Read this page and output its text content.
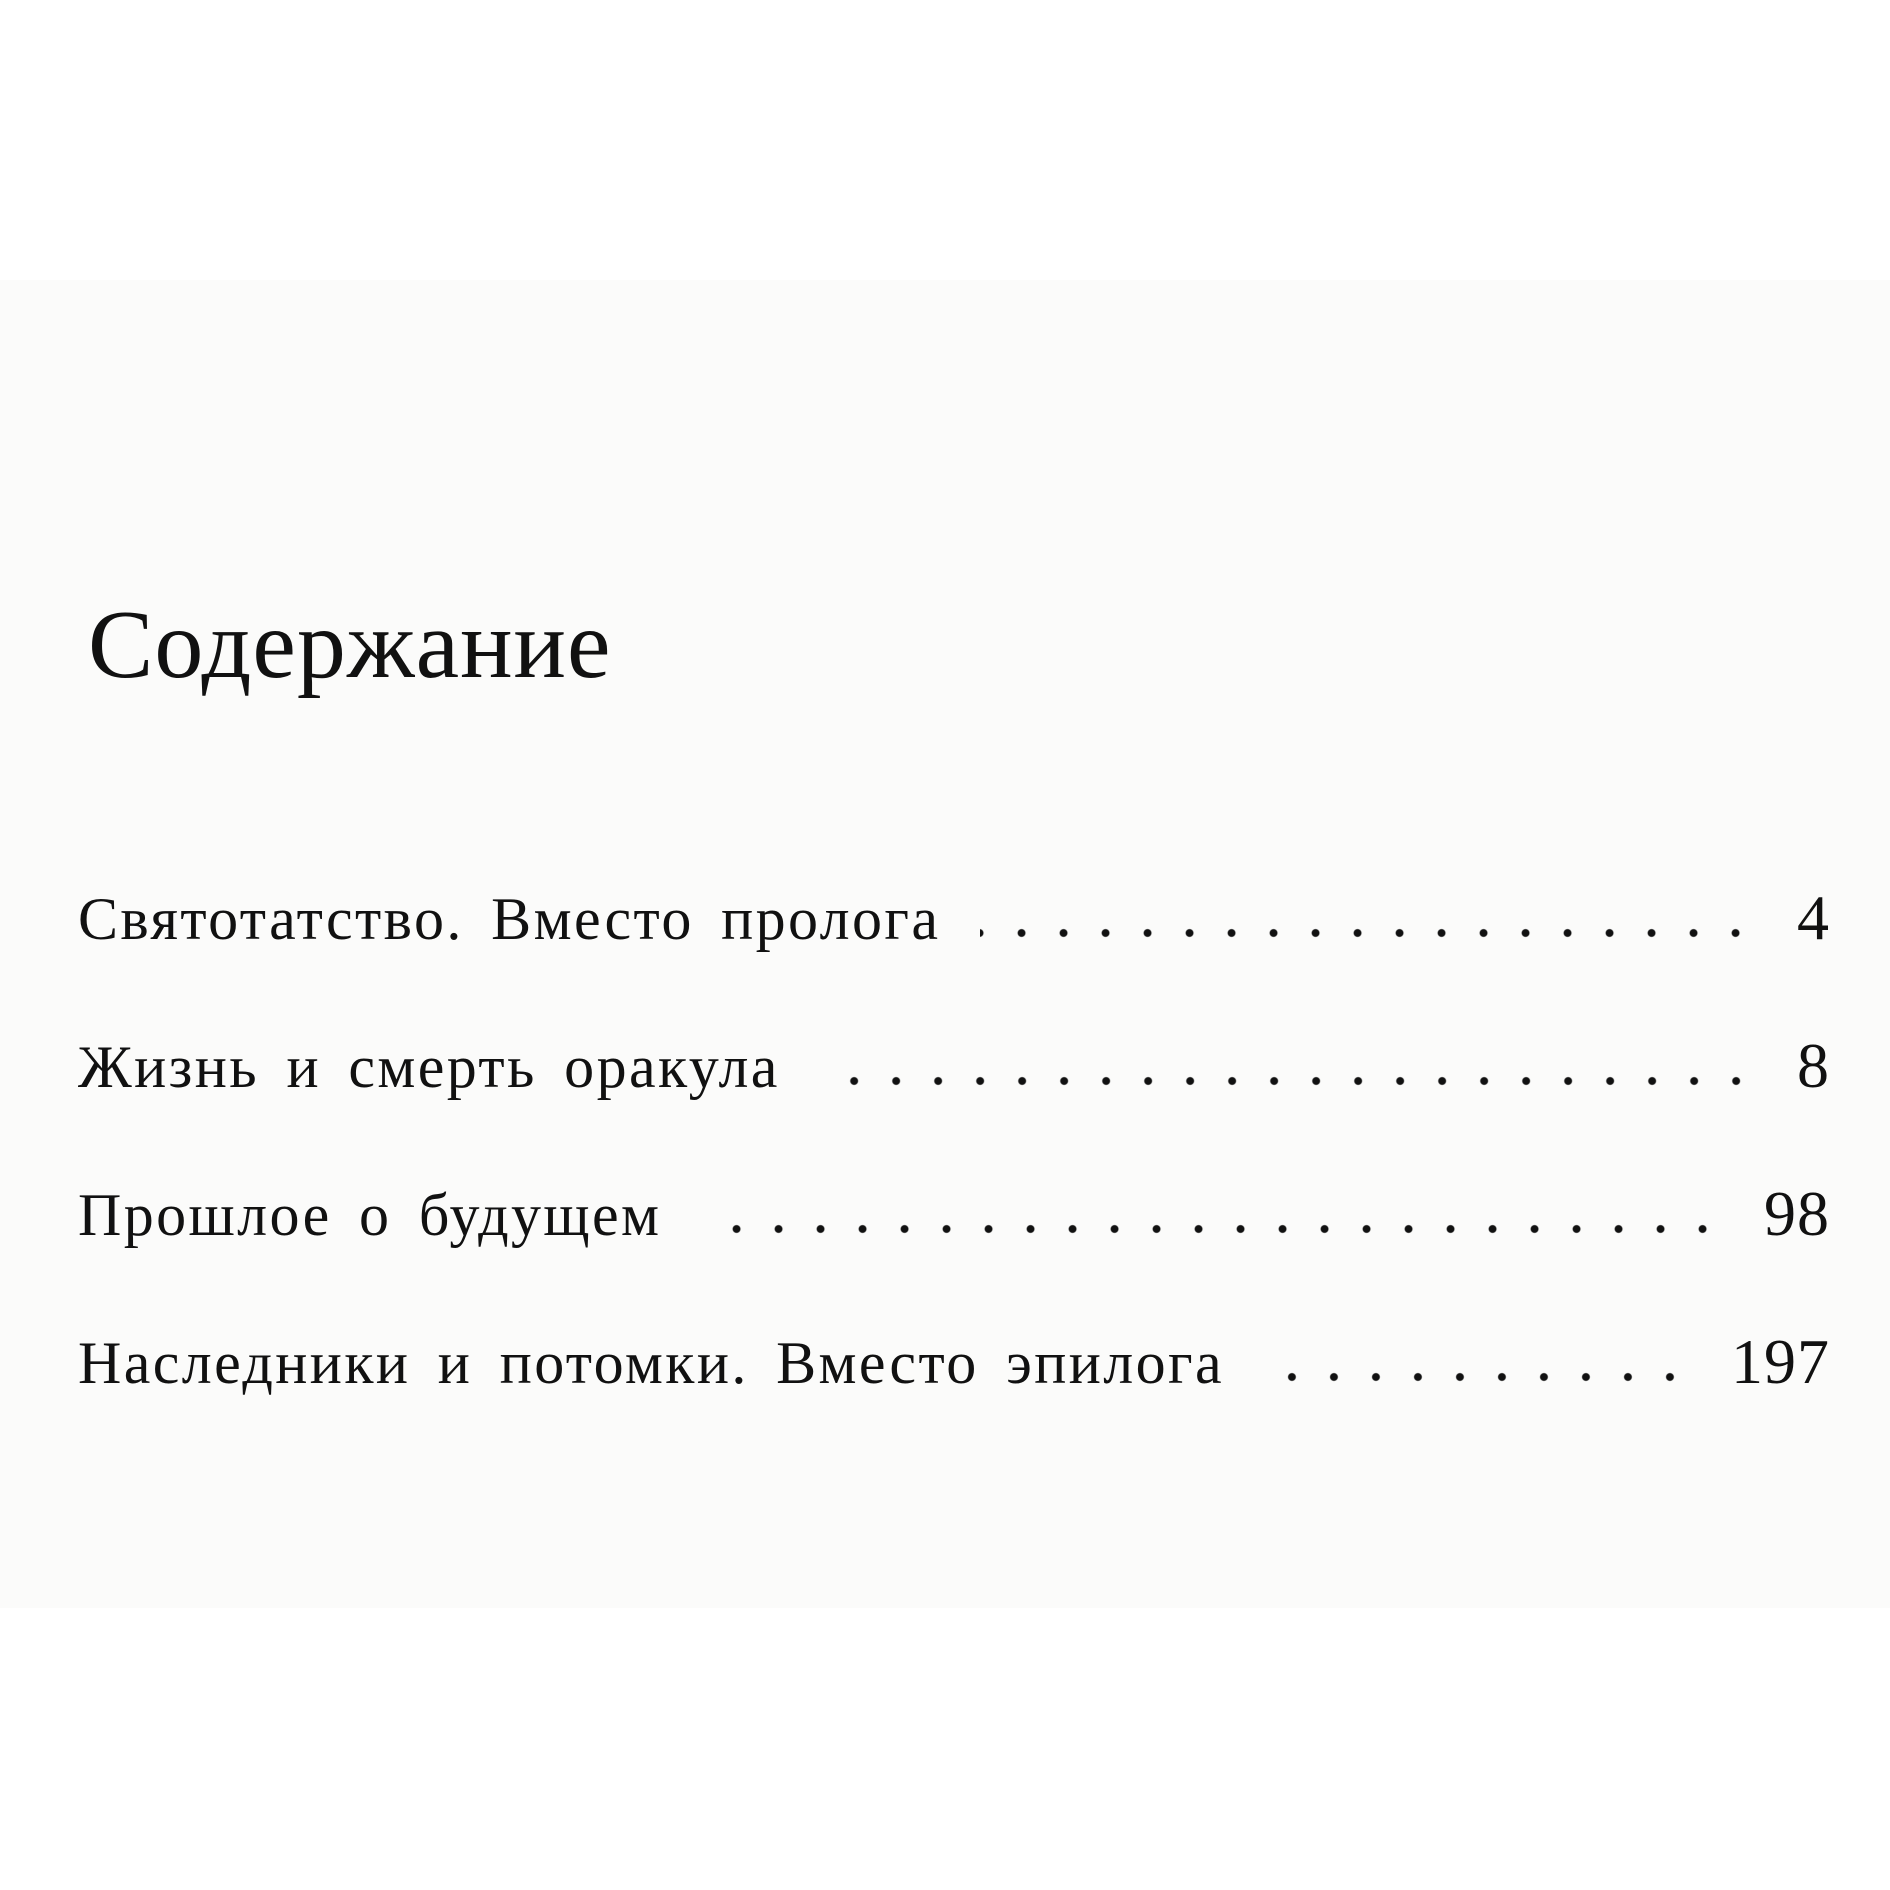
Содержание
Святотатство. Вместо пролога	4
Жизнь и смерть оракула	8
Прошлое о будущем	98
Наследники и потомки. Вместо эпилога	197
